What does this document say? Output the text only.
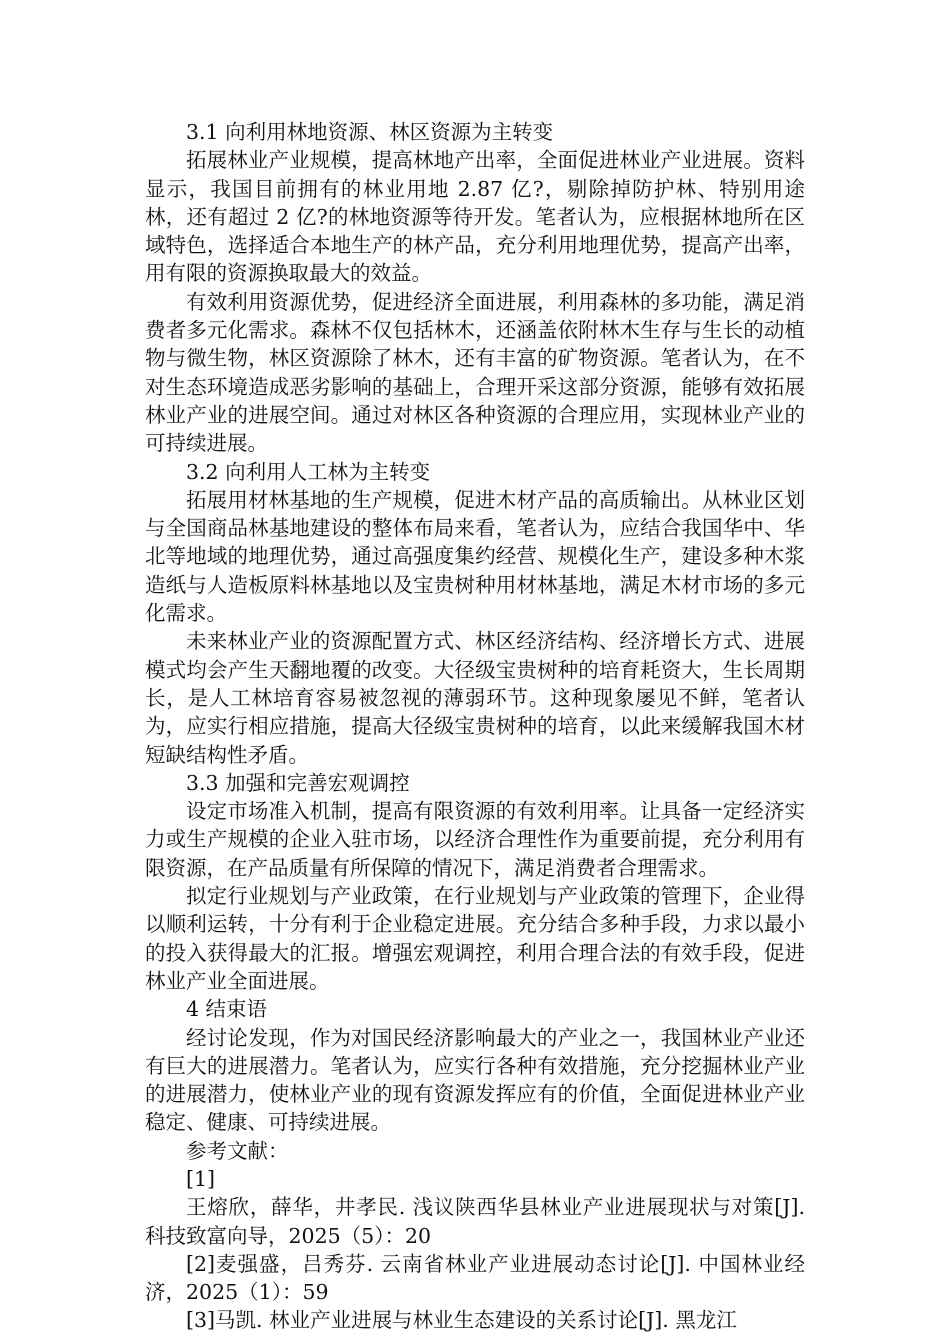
3.1 向利用林地资源、林区资源为主转变

拓展林业产业规模，提高林地产出率，全面促进林业产业进展。资料显示，我国目前拥有的林业用地 2.87 亿?，剔除掉防护林、特别用途林，还有超过 2 亿?的林地资源等待开发。笔者认为，应根据林地所在区域特色，选择适合本地生产的林产品，充分利用地理优势，提高产出率，用有限的资源换取最大的效益。

有效利用资源优势，促进经济全面进展，利用森林的多功能，满足消费者多元化需求。森林不仅包括林木，还涵盖依附林木生存与生长的动植物与微生物，林区资源除了林木，还有丰富的矿物资源。笔者认为，在不对生态环境造成恶劣影响的基础上，合理开采这部分资源，能够有效拓展林业产业的进展空间。通过对林区各种资源的合理应用，实现林业产业的可持续进展。

3.2 向利用人工林为主转变

拓展用材林基地的生产规模，促进木材产品的高质输出。从林业区划与全国商品林基地建设的整体布局来看，笔者认为，应结合我国华中、华北等地域的地理优势，通过高强度集约经营、规模化生产，建设多种木浆造纸与人造板原料林基地以及宝贵树种用材林基地，满足木材市场的多元化需求。

未来林业产业的资源配置方式、林区经济结构、经济增长方式、进展模式均会产生天翻地覆的改变。大径级宝贵树种的培育耗资大，生长周期长，是人工林培育容易被忽视的薄弱环节。这种现象屡见不鲜，笔者认为，应实行相应措施，提高大径级宝贵树种的培育，以此来缓解我国木材短缺结构性矛盾。

3.3 加强和完善宏观调控

设定市场准入机制，提高有限资源的有效利用率。让具备一定经济实力或生产规模的企业入驻市场，以经济合理性作为重要前提，充分利用有限资源，在产品质量有所保障的情况下，满足消费者合理需求。

拟定行业规划与产业政策，在行业规划与产业政策的管理下，企业得以顺利运转，十分有利于企业稳定进展。充分结合多种手段，力求以最小的投入获得最大的汇报。增强宏观调控，利用合理合法的有效手段，促进林业产业全面进展。

4 结束语

经讨论发现，作为对国民经济影响最大的产业之一，我国林业产业还有巨大的进展潜力。笔者认为，应实行各种有效措施，充分挖掘林业产业的进展潜力，使林业产业的现有资源发挥应有的价值，全面促进林业产业稳定、健康、可持续进展。

参考文献：

[1]

王熔欣，薛华，井孝民. 浅议陕西华县林业产业进展现状与对策[J]. 科技致富向导，2025（5）：20

[2]麦强盛，吕秀芬. 云南省林业产业进展动态讨论[J]. 中国林业经济，2025（1）：59

[3]马凯. 林业产业进展与林业生态建设的关系讨论[J]. 黑龙江
